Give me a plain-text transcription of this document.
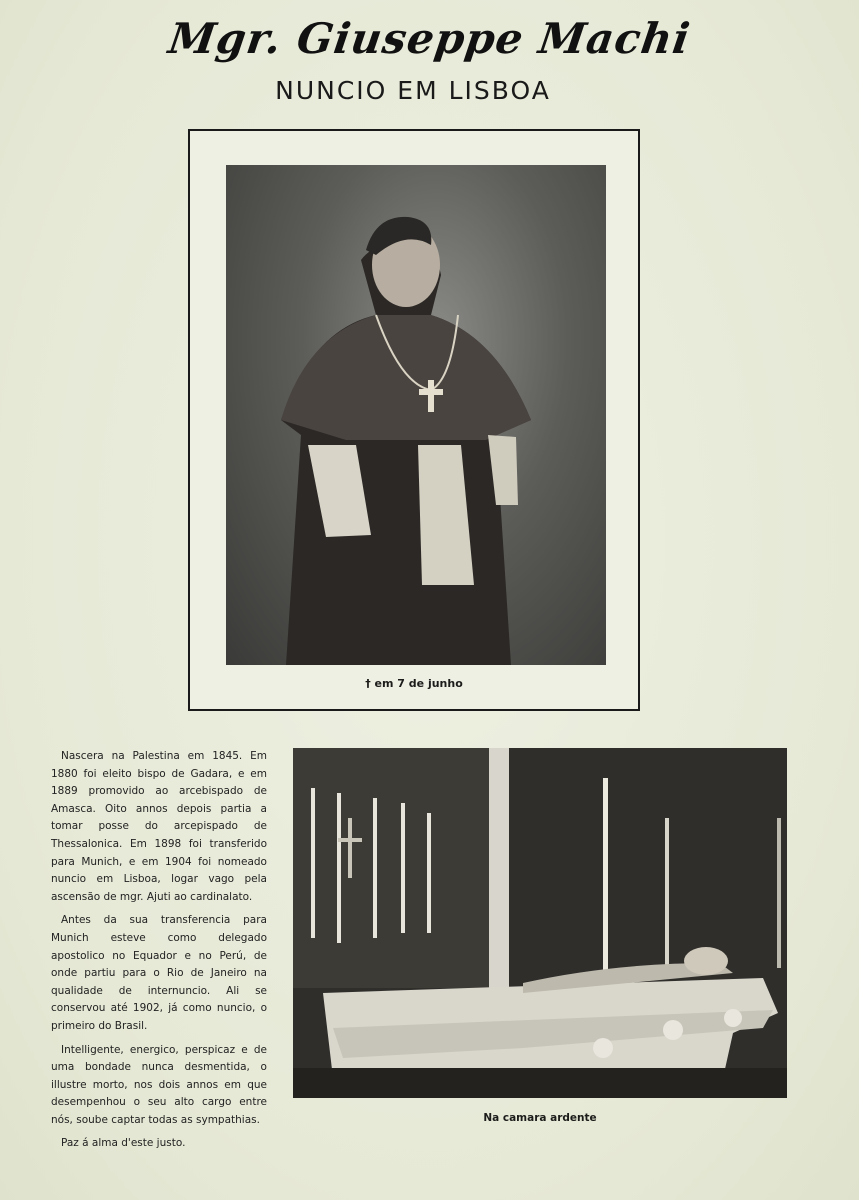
Mgr. Giuseppe Machi
NUNCIO EM LISBOA
† em 7 de junho

Nascera na Palestina em 1845. Em 1880 foi eleito bispo de Gadara, e em 1889 promovido ao arcebispado de Amasca. Oito annos depois partia a tomar posse do arcepispado de Thessalonica. Em 1898 foi transferido para Munich, e em 1904 foi nomeado nuncio em Lisboa, logar vago pela ascensão de mgr. Ajuti ao cardinalato.

Antes da sua transferencia para Munich esteve como delegado apostolico no Equador e no Perú, de onde partiu para o Rio de Janeiro na qualidade de internuncio. Ali se conservou até 1902, já como nuncio, o primeiro do Brasil.

Intelligente, energico, perspicaz e de uma bondade nunca desmentida, o illustre morto, nos dois annos em que desempenhou o seu alto cargo entre nós, soube captar todas as sympathias.

Paz á alma d'este justo.

Na camara ardente
